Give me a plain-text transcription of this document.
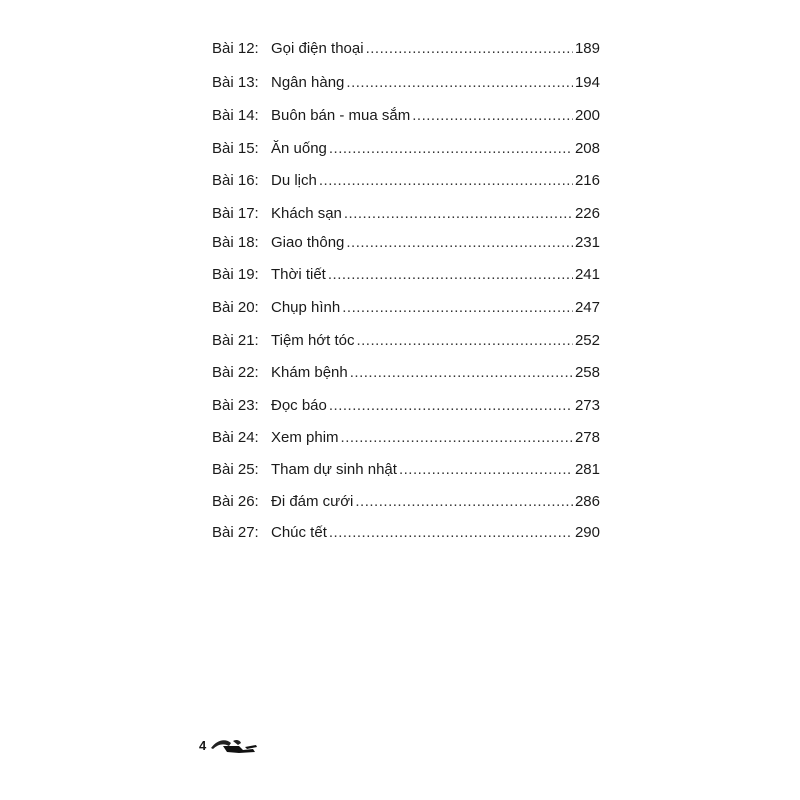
Bài 12: Gọi điện thoại .....	189
Bài 13: Ngân hàng .....	194
Bài 14: Buôn bán - mua sắm .....	200
Bài 15: Ăn uống .....	208
Bài 16: Du lịch .....	216
Bài 17: Khách sạn .....	226
Bài 18: Giao thông .....	231
Bài 19: Thời tiết .....	241
Bài 20: Chụp hình .....	247
Bài 21: Tiệm hớt tóc .....	252
Bài 22: Khám bệnh .....	258
Bài 23: Đọc báo .....	273
Bài 24: Xem phim .....	278
Bài 25: Tham dự sinh nhật .....	281
Bài 26: Đi đám cưới .....	286
Bài 27: Chúc tết .....	290
4
